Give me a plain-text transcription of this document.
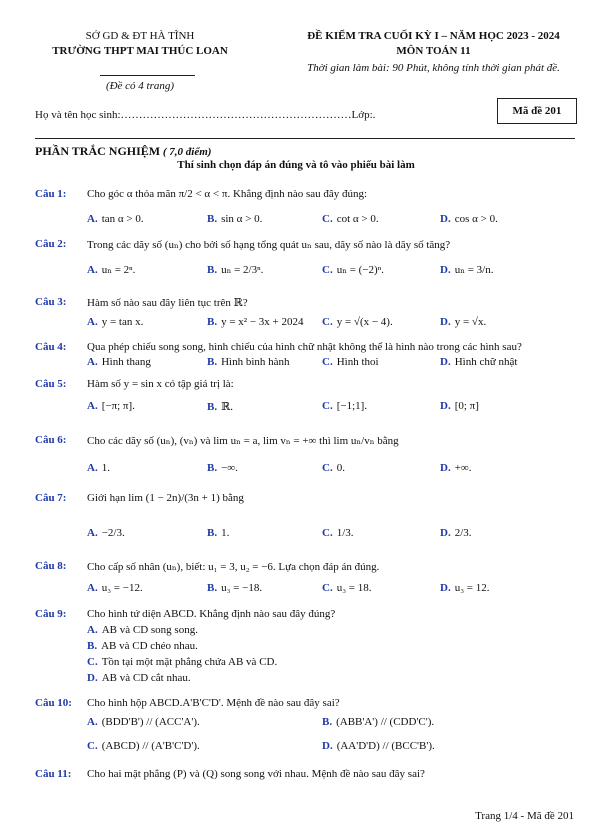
SỞ GD & ĐT HÀ TĨNH
TRƯỜNG THPT MAI THÚC LOAN
(Đề có 4 trang)
ĐỀ KIỂM TRA CUỐI KỲ I – NĂM HỌC 2023 - 2024
MÔN TOÁN 11
Thời gian làm bài: 90 Phút, không tính thời gian phát đề.
Họ và tên học sinh:………………………………………………………Lớp:.	Mã đề 201
PHẦN TRẮC NGHIỆM ( 7,0 điểm)
Thí sinh chọn đáp án đúng và tô vào phiếu bài làm
Câu 1: Cho góc α thỏa mãn π/2 < α < π. Khẳng định nào sau đây đúng:
A. tan α > 0.	B. sin α > 0.	C. cot α > 0.	D. cos α > 0.
Câu 2: Trong các dãy số (uₙ) cho bởi số hạng tổng quát uₙ sau, dãy số nào là dãy số tăng?
A. uₙ = 2ⁿ.	B. uₙ = 2/3ⁿ.	C. uₙ = (−2)ⁿ.	D. uₙ = 3/n.
Câu 3: Hàm số nào sau đây liên tục trên ℝ?
A. y = tan x.	B. y = x² − 3x + 2024 C. y = √(x − 4).	D. y = √x.
Câu 4: Qua phép chiếu song song, hình chiếu của hình chữ nhật không thể là hình nào trong các hình sau?
A. Hình thang	B. Hình bình hành	C. Hình thoi	D. Hình chữ nhật
Câu 5: Hàm số y = sin x có tập giá trị là:
A. [−π; π].	B. ℝ.	C. [−1;1].	D. [0; π]
Câu 6: Cho các dãy số (uₙ), (vₙ) và lim uₙ = a, lim vₙ = +∞ thì lim uₙ/vₙ bằng
A. 1.	B. −∞.	C. 0.	D. +∞.
Câu 7: Giới hạn lim (1 − 2n)/(3n + 1) bằng
A. −2/3.	B. 1.	C. 1/3.	D. 2/3.
Câu 8: Cho cấp số nhân (uₙ), biết: u₁ = 3, u₂ = −6. Lựa chọn đáp án đúng.
A. u₃ = −12.	B. u₃ = −18.	C. u₃ = 18.	D. u₃ = 12.
Câu 9: Cho hình tứ diện ABCD. Khẳng định nào sau đây đúng?
A. AB và CD song song.
B. AB và CD chéo nhau.
C. Tồn tại một mặt phẳng chứa AB và CD.
D. AB và CD cắt nhau.
Câu 10: Cho hình hộp ABCD.A'B'C'D'. Mệnh đề nào sau đây sai?
A. (BDD'B') // (ACC'A').	B. (ABB'A') // (CDD'C').
C. (ABCD) // (A'B'C'D').	D. (AA'D'D) // (BCC'B').
Câu 11: Cho hai mặt phẳng (P) và (Q) song song với nhau. Mệnh đề nào sau đây sai?
Trang 1/4 - Mã đề 201
